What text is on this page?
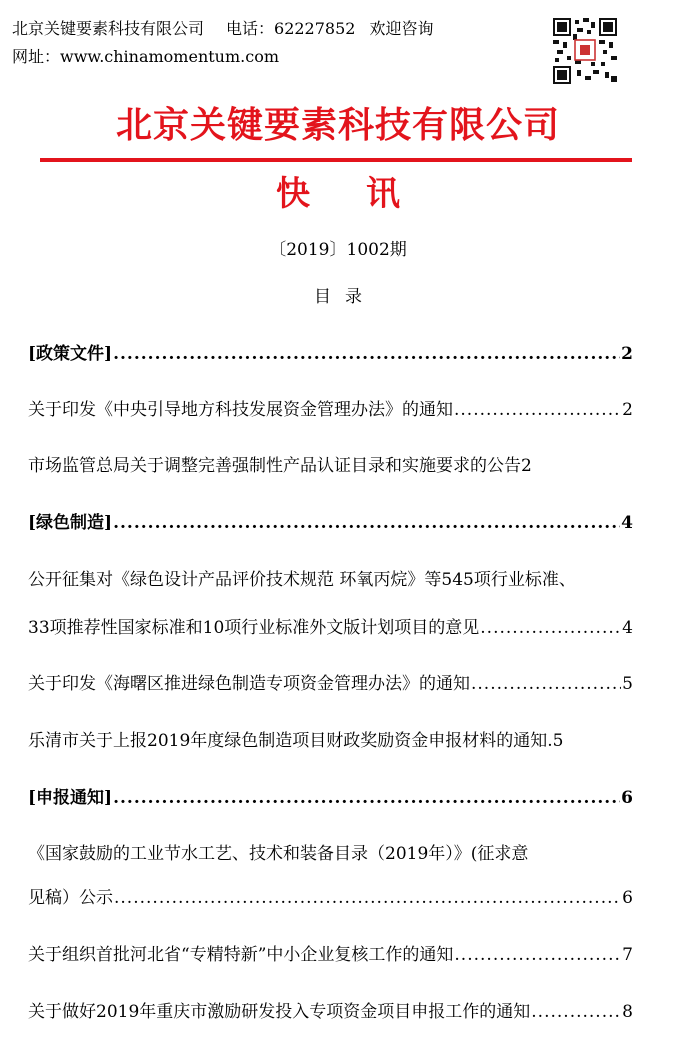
北京关键要素科技有限公司 电话：62227852 欢迎咨询
网址：www.chinamomentum.com
北京关键要素科技有限公司
快讯
〔2019〕1002期
目录
[政策文件] .....	2
关于印发《中央引导地方科技发展资金管理办法》的通知 .....	2
市场监管总局关于调整完善强制性产品认证目录和实施要求的公告 2
[绿色制造] .....	4
公开征集对《绿色设计产品评价技术规范 环氧丙烷》等545项行业标准、
33项推荐性国家标准和10项行业标准外文版计划项目的意见 .....	4
关于印发《海曙区推进绿色制造专项资金管理办法》的通知 .....	5
乐清市关于上报2019年度绿色制造项目财政奖励资金申报材料的通知 .5
[申报通知] .....	6
《国家鼓励的工业节水工艺、技术和装备目录（2019年）》(征求意
见稿）公示 .....	6
关于组织首批河北省“专精特新”中小企业复核工作的通知 .....	7
关于做好2019年重庆市激励研发投入专项资金项目申报工作的通知 .....	8
